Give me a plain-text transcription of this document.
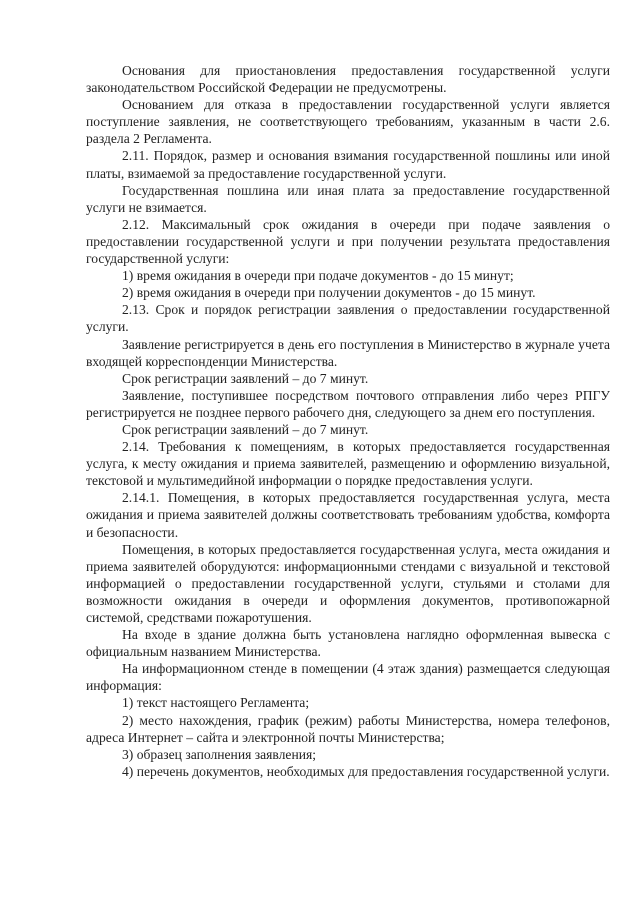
Основания для приостановления предоставления государственной услуги законодательством Российской Федерации не предусмотрены.

Основанием для отказа в предоставлении государственной услуги является поступление заявления, не соответствующего требованиям, указанным в части 2.6. раздела 2 Регламента.

2.11. Порядок, размер и основания взимания государственной пошлины или иной платы, взимаемой за предоставление государственной услуги.

Государственная пошлина или иная плата за предоставление государственной услуги не взимается.

2.12. Максимальный срок ожидания в очереди при подаче заявления о предоставлении государственной услуги и при получении результата предоставления государственной услуги:

1) время ожидания в очереди при подаче документов - до 15 минут;

2) время ожидания в очереди при получении документов - до 15 минут.

2.13. Срок и порядок регистрации заявления о предоставлении государственной услуги.

Заявление регистрируется в день его поступления в Министерство в журнале учета входящей корреспонденции Министерства.

Срок регистрации заявлений – до 7 минут.

Заявление, поступившее посредством почтового отправления либо через РПГУ регистрируется не позднее первого рабочего дня, следующего за днем его поступления.

Срок регистрации заявлений – до 7 минут.

2.14. Требования к помещениям, в которых предоставляется государственная услуга, к месту ожидания и приема заявителей, размещению и оформлению визуальной, текстовой и мультимедийной информации о порядке предоставления услуги.

2.14.1. Помещения, в которых предоставляется государственная услуга, места ожидания и приема заявителей должны соответствовать требованиям удобства, комфорта и безопасности.

Помещения, в которых предоставляется государственная услуга, места ожидания и приема заявителей оборудуются: информационными стендами с визуальной и текстовой информацией о предоставлении государственной услуги, стульями и столами для возможности ожидания в очереди и оформления документов, противопожарной системой, средствами пожаротушения.

На входе в здание должна быть установлена наглядно оформленная вывеска с официальным названием Министерства.

На информационном стенде в помещении (4 этаж здания) размещается следующая информация:

1) текст настоящего Регламента;

2) место нахождения, график (режим) работы Министерства, номера телефонов, адреса Интернет – сайта и электронной почты Министерства;

3) образец заполнения заявления;

4) перечень документов, необходимых для предоставления государственной услуги.
